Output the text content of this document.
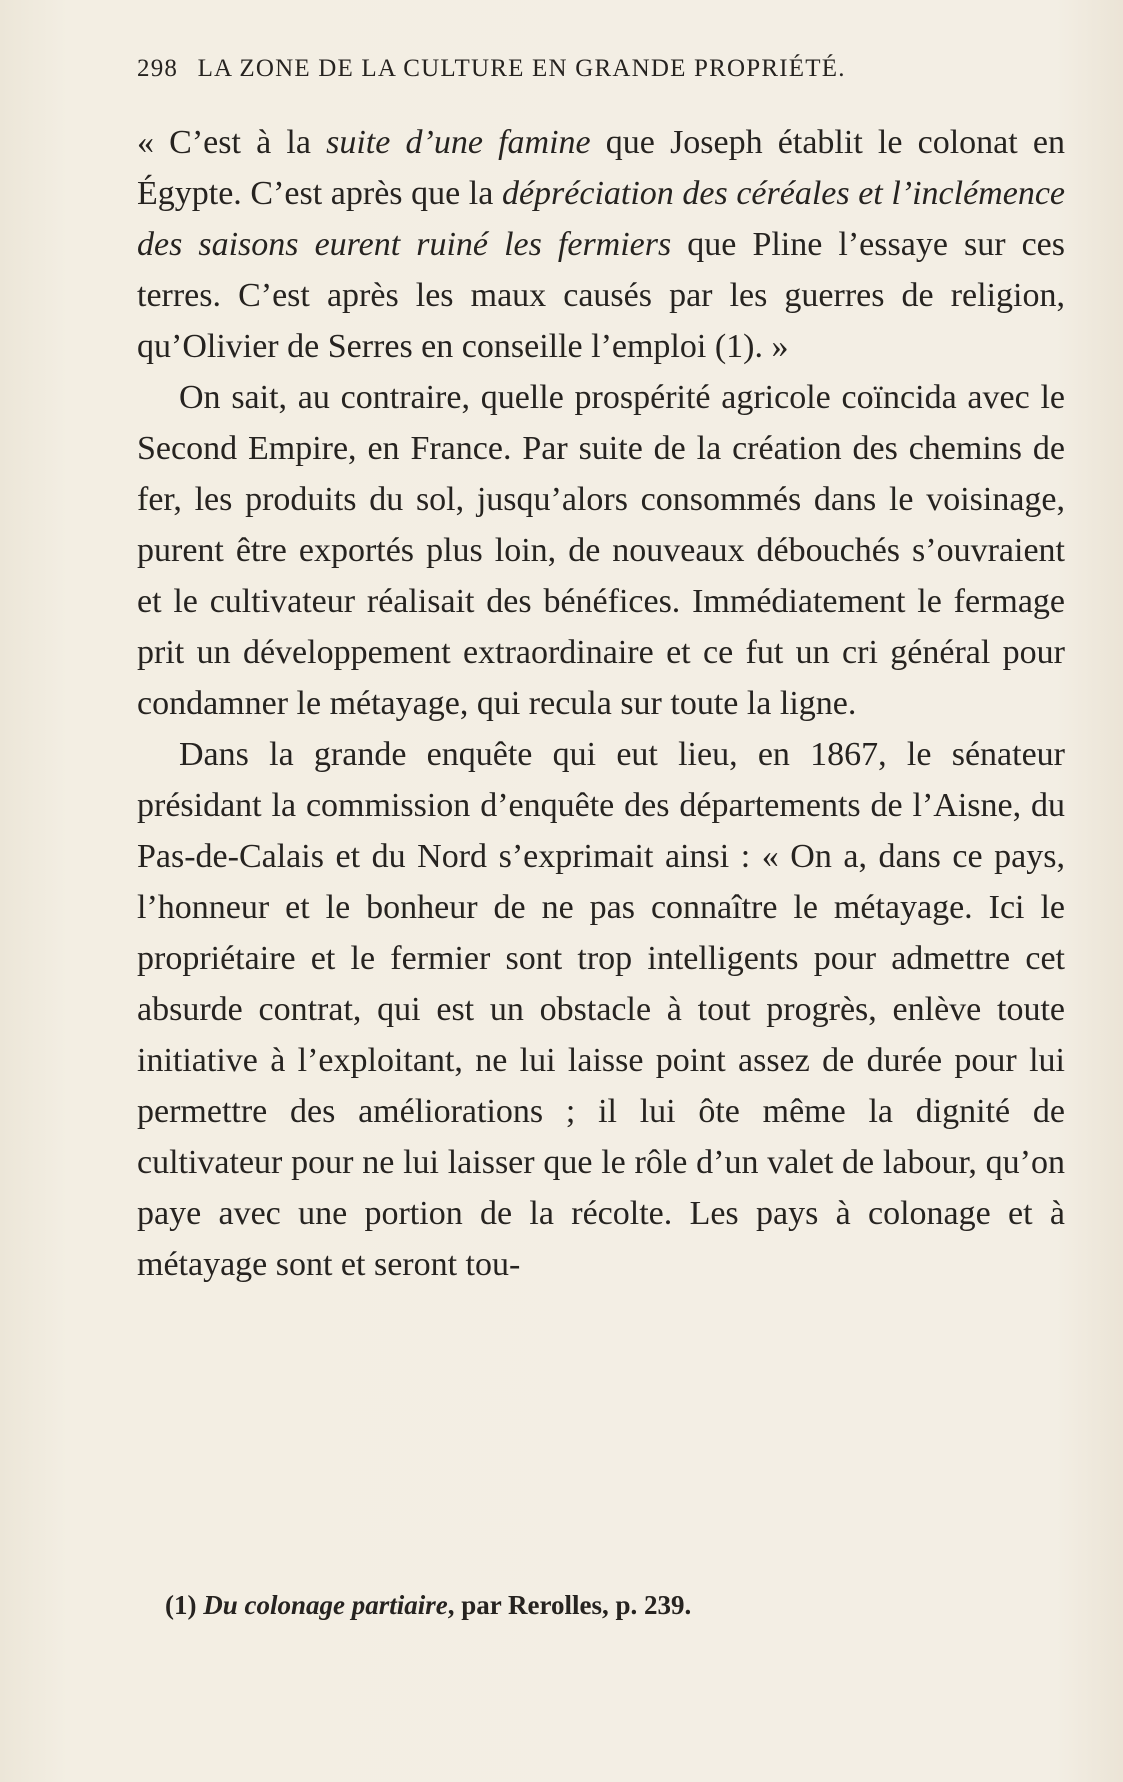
298 LA ZONE DE LA CULTURE EN GRANDE PROPRIÉTÉ.

« C’est à la suite d’une famine que Joseph établit le colonat en Égypte. C’est après que la dépréciation des céréales et l’inclémence des saisons eurent ruiné les fermiers que Pline l’essaye sur ces terres. C’est après les maux causés par les guerres de religion, qu’Olivier de Serres en conseille l’emploi (1). »

On sait, au contraire, quelle prospérité agricole coïncida avec le Second Empire, en France. Par suite de la création des chemins de fer, les produits du sol, jusqu’alors consommés dans le voisinage, purent être exportés plus loin, de nouveaux débouchés s’ouvraient et le cultivateur réalisait des bénéfices. Immédiatement le fermage prit un développement extraordinaire et ce fut un cri général pour condamner le métayage, qui recula sur toute la ligne.

Dans la grande enquête qui eut lieu, en 1867, le sénateur présidant la commission d’enquête des départements de l’Aisne, du Pas-de-Calais et du Nord s’exprimait ainsi : « On a, dans ce pays, l’honneur et le bonheur de ne pas connaître le métayage. Ici le propriétaire et le fermier sont trop intelligents pour admettre cet absurde contrat, qui est un obstacle à tout progrès, enlève toute initiative à l’exploitant, ne lui laisse point assez de durée pour lui permettre des améliorations ; il lui ôte même la dignité de cultivateur pour ne lui laisser que le rôle d’un valet de labour, qu’on paye avec une portion de la récolte. Les pays à colonage et à métayage sont et seront tou-

(1) Du colonage partiaire, par Rerolles, p. 239.
